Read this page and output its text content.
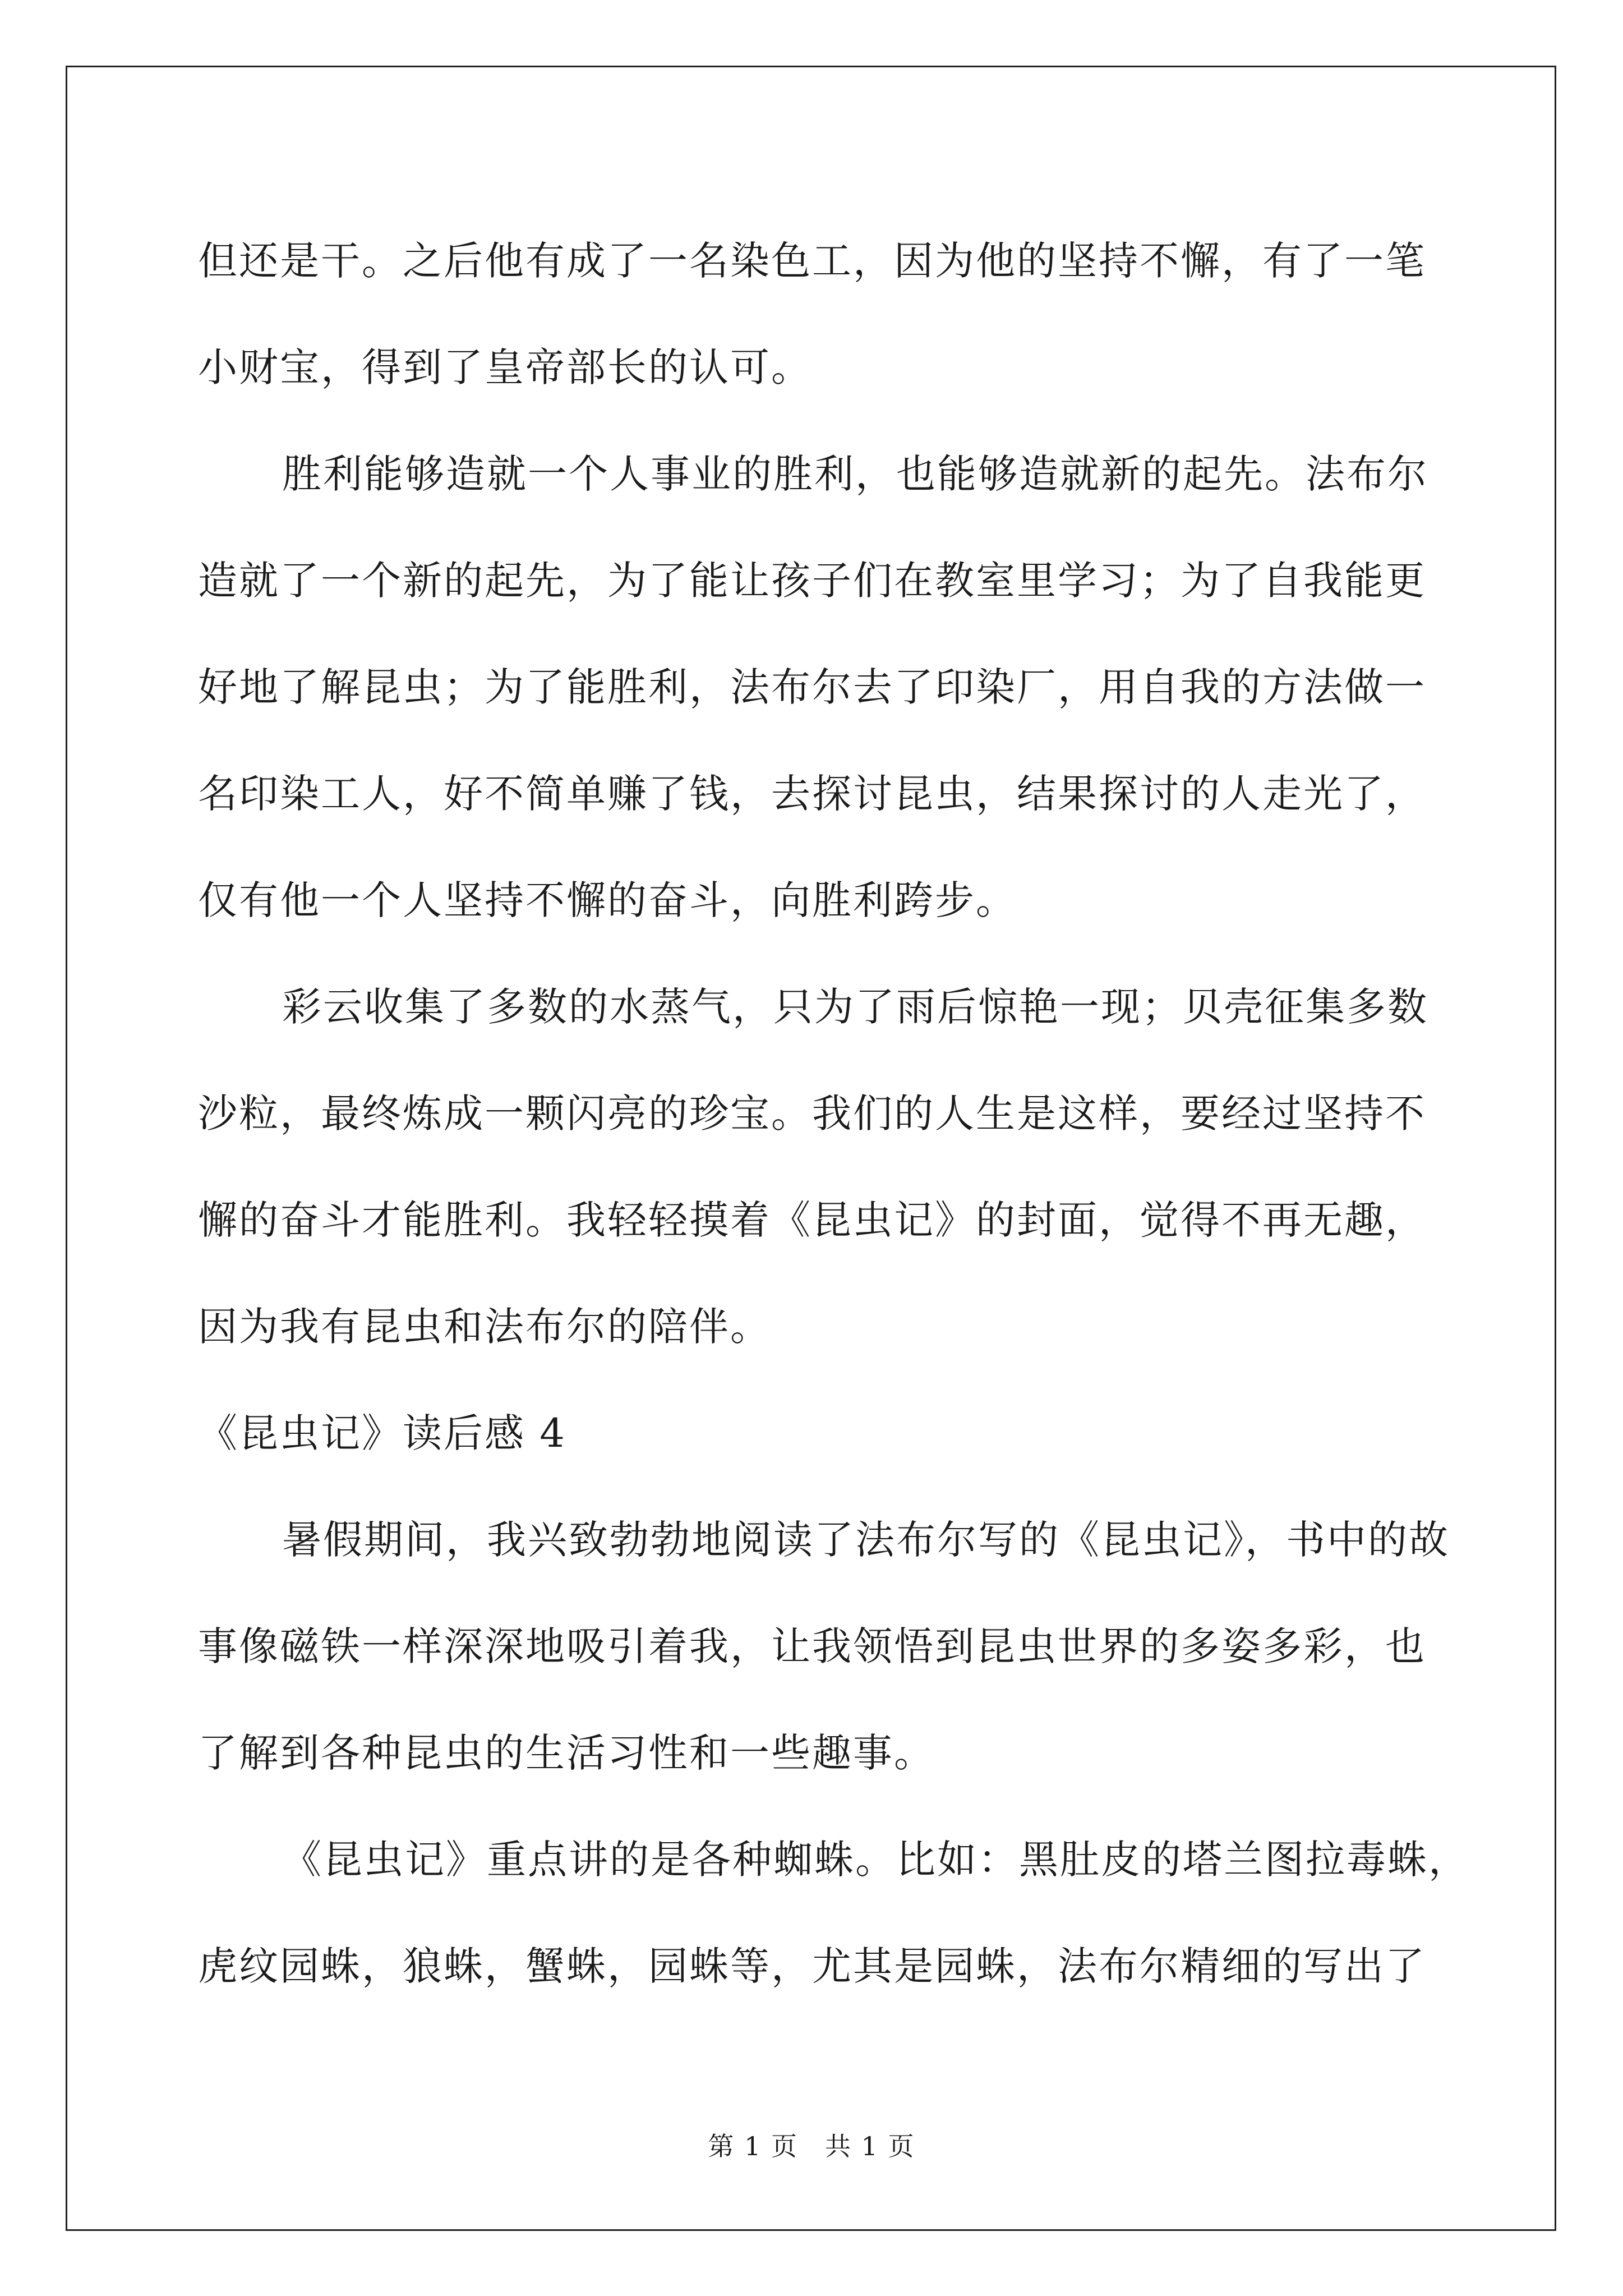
但还是干。之后他有成了一名染色工，因为他的坚持不懈，有了一笔
小财宝，得到了皇帝部长的认可。
胜利能够造就一个人事业的胜利，也能够造就新的起先。法布尔
造就了一个新的起先，为了能让孩子们在教室里学习；为了自我能更
好地了解昆虫；为了能胜利，法布尔去了印染厂，用自我的方法做一
名印染工人，好不简单赚了钱，去探讨昆虫，结果探讨的人走光了，
仅有他一个人坚持不懈的奋斗，向胜利跨步。
彩云收集了多数的水蒸气，只为了雨后惊艳一现；贝壳征集多数
沙粒，最终炼成一颗闪亮的珍宝。我们的人生是这样，要经过坚持不
懈的奋斗才能胜利。我轻轻摸着《昆虫记》的封面，觉得不再无趣，
因为我有昆虫和法布尔的陪伴。
《昆虫记》读后感 4
暑假期间，我兴致勃勃地阅读了法布尔写的《昆虫记》，书中的故
事像磁铁一样深深地吸引着我，让我领悟到昆虫世界的多姿多彩，也
了解到各种昆虫的生活习性和一些趣事。
《昆虫记》重点讲的是各种蜘蛛。比如：黑肚皮的塔兰图拉毒蛛，
虎纹园蛛，狼蛛，蟹蛛，园蛛等，尤其是园蛛，法布尔精细的写出了
第 1 页　共 1 页
